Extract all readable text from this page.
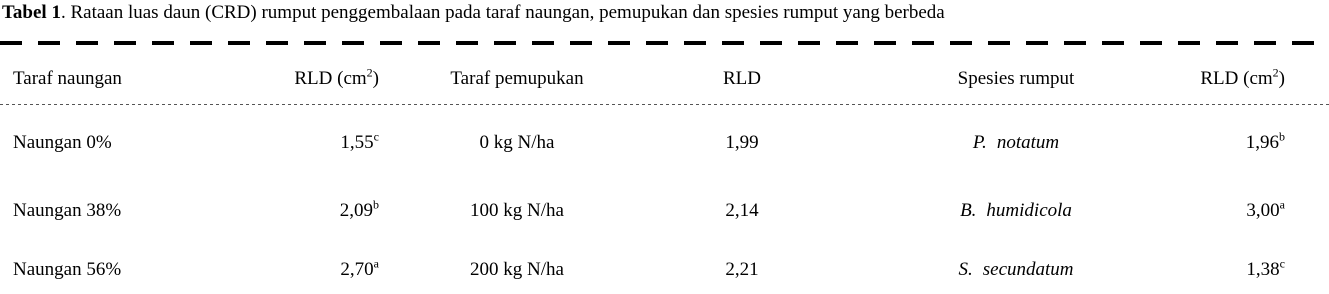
Tabel 1. Rataan luas daun (CRD) rumput penggembalaan pada taraf naungan, pemupukan dan spesies rumput yang berbeda
Taraf naungan	RLD $(cm^2)$	Taraf pemupukan	RLD	Spesies rumput	RLD $(cm^2)$
Naungan 0%	1,55$^c$	0 kg N/ha	1,99	P. notatum	1,96$^b$
Naungan 38%	2,09$^b$	100 kg N/ha	2,14	B. humidicola	3,00$^a$
Naungan 56%	2,70$^a$	200 kg N/ha	2,21	S. secundatum	1,38$^c$
